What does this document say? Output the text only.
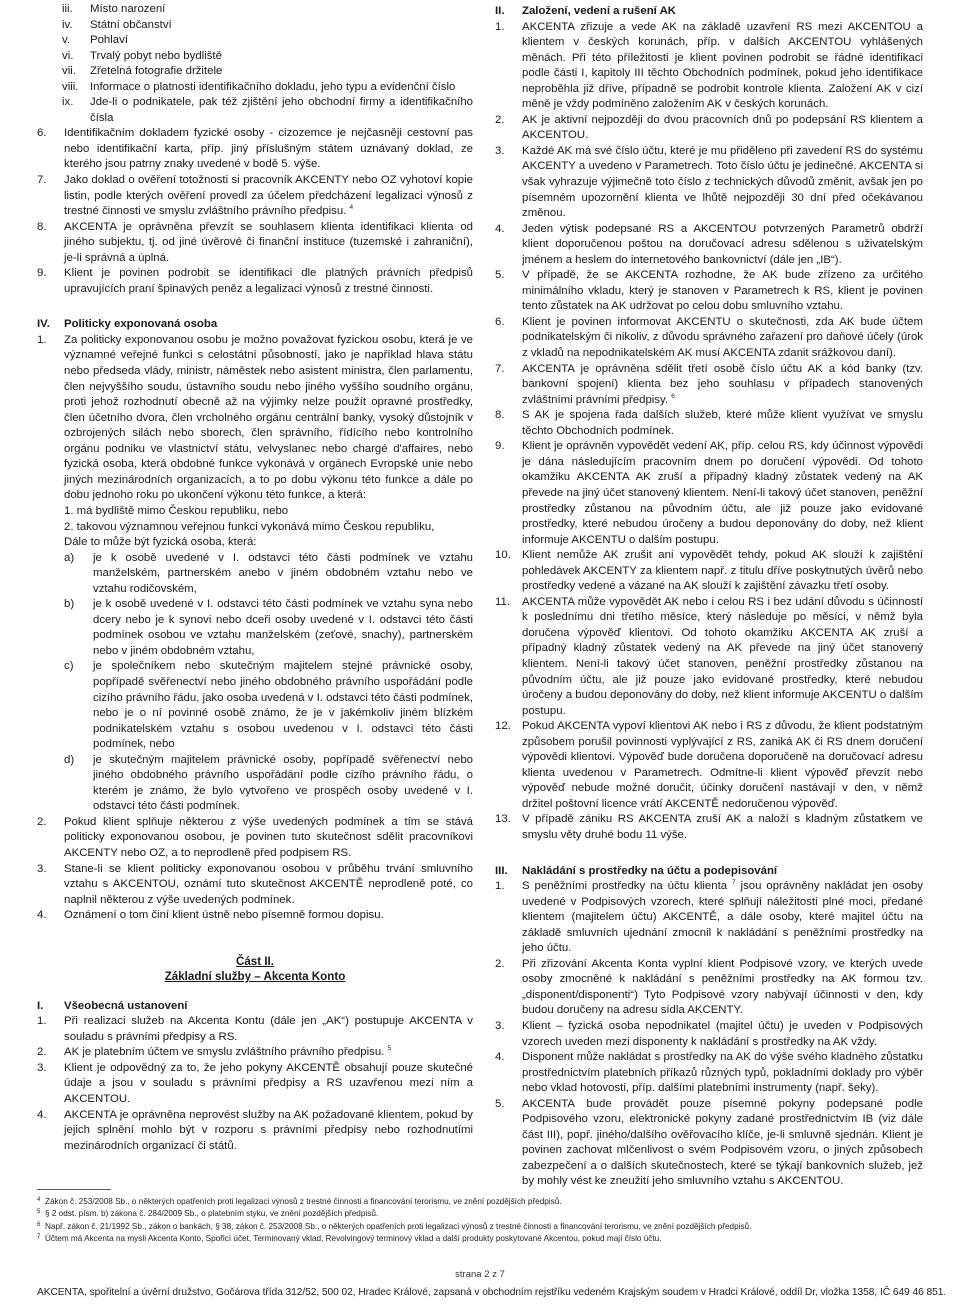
iii.	Místo narození
iv.	Státní občanství
v.	Pohlaví
vi.	Trvalý pobyt nebo bydliště
vii.	Zřetelná fotografie držitele
viii.	Informace o platnosti identifikačního dokladu, jeho typu a evidenční číslo
ix.	Jde-li o podnikatele, pak též zjištění jeho obchodní firmy a identifikačního čísla
6.	Identifikačním dokladem fyzické osoby - cizozemce je nejčasněji cestovní pas nebo identifikační karta, příp. jiný příslušným státem uznávaný doklad, ze kterého jsou patrny znaky uvedené v bodě 5. výše.
7.	Jako doklad o ověření totožnosti si pracovník AKCENTY nebo OZ vyhotoví kopie listin, podle kterých ověření provedl za účelem předcházení legalizaci výnosů z trestné činnosti ve smyslu zvláštního právního předpisu. $^4$
8.	AKCENTA je oprávněna převzít se souhlasem klienta identifikaci klienta od jiného subjektu, tj. od jiné úvěrové či finanční instituce (tuzemské i zahraniční), je-li správná a úplná.
9.	Klient je povinen podrobit se identifikaci dle platných právních předpisů upravujících praní špinavých peněz a legalizaci výnosů z trestné činnosti.
IV.	Politicky exponovaná osoba
1.	Za politicky exponovanou osobu je možno považovat fyzickou osobu, která je ve významné veřejné funkci s celostátní působností, jako je například hlava státu nebo předseda vlády, ministr, náměstek nebo asistent ministra, člen parlamentu, člen nejvyššího soudu, ústavního soudu nebo jiného vyššího soudního orgánu, proti jehož rozhodnutí obecně až na výjimky nelze použít opravné prostředky, člen účetního dvora, člen vrcholného orgánu centrální banky, vysoký důstojník v ozbrojených silách nebo sborech, člen správního, řídícího nebo kontrolního orgánu podniku ve vlastnictví státu, velvyslanec nebo chargé d'affaires, nebo fyzická osoba, která obdobné funkce vykonává v orgánech Evropské unie nebo jiných mezinárodních organizacích, a to po dobu výkonu této funkce a dále po dobu jednoho roku po ukončení výkonu této funkce, a která:
1. má bydliště mimo Českou republiku, nebo
2. takovou významnou veřejnou funkci vykonává mimo Českou republiku,
Dále to může být fyzická osoba, která:
a)	je k osobě uvedené v I. odstavci této části podmínek ve vztahu manželském, partnerském anebo v jiném obdobném vztahu nebo ve vztahu rodičovském,
b)	je k osobě uvedené v I. odstavci této části podmínek ve vztahu syna nebo dcery nebo je k synovi nebo dceři osoby uvedené v I. odstavci této části podmínek osobou ve vztahu manželském (zeťové, snachy), partnerském nebo v jiném obdobném vztahu,
c)	je společníkem nebo skutečným majitelem stejné právnické osoby, popřípadě svěřenectví nebo jiného obdobného právního uspořádání podle cizího právního řádu, jako osoba uvedená v I. odstavci této části podmínek, nebo je o ní povinné osobě známo, že je v jakémkoliv jiném blízkém podnikatelském vztahu s osobou uvedenou v I. odstavci této části podmínek, nebo
d)	je skutečným majitelem právnické osoby, popřípadě svěřenectví nebo jiného obdobného právního uspořádání podle cizího právního řádu, o kterém je známo, že bylo vytvořeno ve prospěch osoby uvedené v I. odstavci této části podmínek.
2.	Pokud klient splňuje některou z výše uvedených podmínek a tím se stává politicky exponovanou osobou, je povinen tuto skutečnost sdělit pracovníkovi AKCENTY nebo OZ, a to neprodleně před podpisem RS.
3.	Stane-li se klient politicky exponovanou osobou v průběhu trvání smluvního vztahu s AKCENTOU, oznámí tuto skutečnost AKCENTĚ neprodleně poté, co naplnil některou z výše uvedených podmínek.
4.	Oznámení o tom činí klient ústně nebo písemně formou dopisu.
Část II.
Základní služby – Akcenta Konto
I.	Všeobecná ustanovení
1.	Při realizaci služeb na Akcenta Kontu (dále jen „AK“) postupuje AKCENTA v souladu s právními předpisy a RS.
2.	AK je platebním účtem ve smyslu zvláštního právního předpisu. $^5$
3.	Klient je odpovědný za to, že jeho pokyny AKCENTĚ obsahují pouze skutečné údaje a jsou v souladu s právními předpisy a RS uzavřenou mezi ním a AKCENTOU.
4.	AKCENTA je oprávněna neprovést služby na AK požadované klientem, pokud by jejich splnění mohlo být v rozporu s právními předpisy nebo rozhodnutími mezinárodních organizací či států.
II.	Založení, vedení a rušení AK
1.	AKCENTA zřizuje a vede AK na základě uzavření RS mezi AKCENTOU a klientem v českých korunách, příp. v dalších AKCENTOU vyhlášených měnách. Při této příležitosti je klient povinen podrobit se řádné identifikaci podle části I, kapitoly III těchto Obchodních podmínek, pokud jeho identifikace neproběhla již dříve, případně se podrobit kontrole klienta. Založení AK v cizí měně je vždy podmíněno založením AK v českých korunách.
2.	AK je aktivní nejpozději do dvou pracovních dnů po podepsání RS klientem a AKCENTOU.
3.	Každé AK má své číslo účtu, které je mu přiděleno při zavedení RS do systému AKCENTY a uvedeno v Parametrech. Toto číslo účtu je jedinečné. AKCENTA si však vyhrazuje výjimečně toto číslo z technických důvodů změnit, avšak jen po písemném upozornění klienta ve lhůtě nejpozději 30 dní před očekávanou změnou.
4.	Jeden výtisk podepsané RS a AKCENTOU potvrzených Parametrů obdrží klient doporučenou poštou na doručovací adresu sdělenou s uživatelským jménem a heslem do internetového bankovnictví (dále jen „IB“).
5.	V případě, že se AKCENTA rozhodne, že AK bude zřízeno za určitého minimálního vkladu, který je stanoven v Parametrech k RS, klient je povinen tento zůstatek na AK udržovat po celou dobu smluvního vztahu.
6.	Klient je povinen informovat AKCENTU o skutečnosti, zda AK bude účtem podnikatelským či nikoliv, z důvodu správného zařazení pro daňové účely (úrok z vkladů na nepodnikatelském AK musí AKCENTA zdanit srážkovou daní).
7.	AKCENTA je oprávněna sdělit třetí osobě číslo účtu AK a kód banky (tzv. bankovní spojení) klienta bez jeho souhlasu v případech stanovených zvláštními právními předpisy. $^6$
8.	S AK je spojena řada dalších služeb, které může klient využívat ve smyslu těchto Obchodních podmínek.
9.	Klient je oprávněn vypovědět vedení AK, příp. celou RS, kdy účinnost výpovědi je dána následujícím pracovním dnem po doručení výpovědi. Od tohoto okamžiku AKCENTA AK zruší a případný kladný zůstatek vedený na AK převede na jiný účet stanovený klientem. Není-li takový účet stanoven, peněžní prostředky zůstanou na původním účtu, ale již pouze jako evidované prostředky, které nebudou úročeny a budou deponovány do doby, než klient informuje AKCENTU o dalším postupu.
10. Klient nemůže AK zrušit ani vypovědět tehdy, pokud AK slouží k zajištění pohledávek AKCENTY za klientem např. z titulu dříve poskytnutých úvěrů nebo prostředky vedené a vázané na AK slouží k zajištění závazku třetí osoby.
11.	AKCENTA může vypovědět AK nebo i celou RS i bez udání důvodu s účinností k poslednímu dni třetího měsíce, který následuje po měsíci, v němž byla doručena výpověď klientovi. Od tohoto okamžiku AKCENTA AK zruší a případný kladný zůstatek vedený na AK převede na jiný účet stanovený klientem. Není-li takový účet stanoven, peněžní prostředky zůstanou na původním účtu, ale již pouze jako evidované prostředky, které nebudou úročeny a budou deponovány do doby, než klient informuje AKCENTU o dalším postupu.
12. Pokud AKCENTA vypoví klientovi AK nebo i RS z důvodu, že klient podstatným způsobem porušil povinnosti vyplývající z RS, zaniká AK či RS dnem doručení výpovědi klientovi. Výpověď bude doručena doporučeně na doručovací adresu klienta uvedenou v Parametrech. Odmítne-li klient výpověď převzít nebo výpověď nebude možné doručit, účinky doručení nastávají v den, v němž držitel poštovní licence vrátí AKCENTĚ nedoručenou výpověď.
13. V případě zániku RS AKCENTA zruší AK a naloží s kladným zůstatkem ve smyslu věty druhé bodu 11 výše.
III.	Nakládání s prostředky na účtu a podepisování
1.	S peněžními prostředky na účtu klienta $^7$ jsou oprávněny nakládat jen osoby uvedené v Podpisových vzorech, které splňují náležitosti plné moci, předané klientem (majitelem účtu) AKCENTĚ, a dále osoby, které majitel účtu na základě smluvních ujednání zmocnil k nakládání s peněžními prostředky na jeho účtu.
2.	Při zřizování Akcenta Konta vyplní klient Podpisové vzory, ve kterých uvede osoby zmocněné k nakládání s peněžními prostředky na AK formou tzv. „disponent/disponenti“) Tyto Podpisové vzory nabývají účinnosti v den, kdy budou doručeny na adresu sídla AKCENTY.
3.	Klient – fyzická osoba nepodnikatel (majitel účtu) je uveden v Podpisových vzorech uveden mezi disponenty k nakládání s prostředky na AK vždy.
4.	Disponent může nakládat s prostředky na AK do výše svého kladného zůstatku prostřednictvím platebních příkazů různých typů, pokladními doklady pro výběr nebo vklad hotovosti, příp. dalšími platebními instrumenty (např. šeky).
5.	AKCENTA bude provádět pouze písemné pokyny podepsané podle Podpisového vzoru, elektronické pokyny zadané prostřednictvím IB (viz dále část III), popř. jiného/dalšího ověřovacího klíče, je-li smluvně sjednán. Klient je povinen zachovat mlčenlivost o svém Podpisovém vzoru, o jiných způsobech zabezpečení a o dalších skutečnostech, které se týkají bankovních služeb, jež by mohly vést ke zneužití jeho smluvního vztahu s AKCENTOU.
4 Zákon č. 253/2008 Sb., o některých opatřeních proti legalizaci výnosů z trestné činnosti a financování terorismu, ve znění pozdějších předpisů.
5 § 2 odst. písm. b) zákona č. 284/2009 Sb., o platebním styku, ve znění pozdějších předpisů.
6 Např. zákon č. 21/1992 Sb., zákon o bankách, § 38, zákon č. 253/2008 Sb., o některých opatřeních proti legalizaci výnosů z trestné činnosti a financování terorismu, ve znění pozdějších předpisů.
7 Účtem má Akcenta na mysli Akcenta Konto, Spořicí účet, Terminovaný vklad, Revolvingový terminový vklad a další produkty poskytované Akcentou, pokud mají číslo účtu.
strana 2 z 7
AKCENTA, spořitelní a úvěrní družstvo, Gočárova třída 312/52, 500 02, Hradec Králové, zapsaná v obchodním rejstříku vedeném Krajským soudem v Hradci Králové, oddíl Dr, vložka 1358, IČ 649 46 851.
